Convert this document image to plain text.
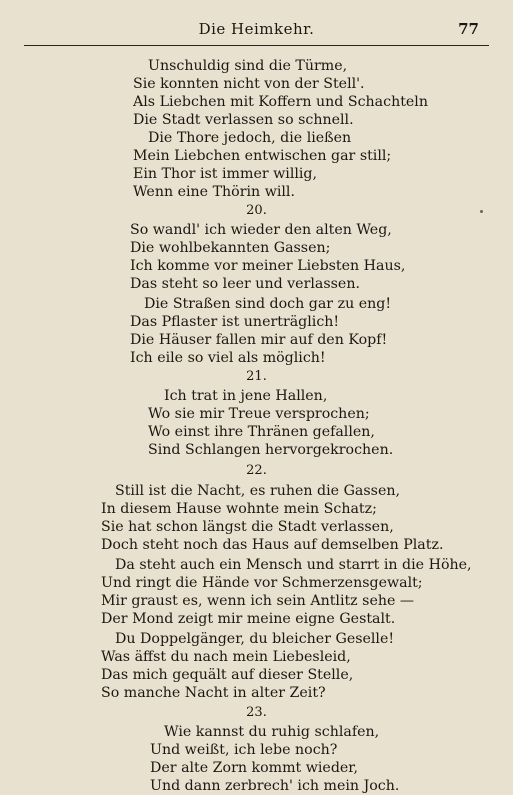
Die Heimkehr.	77
Unschuldig sind die Türme,
Sie konnten nicht von der Stell'.
Als Liebchen mit Koffern und Schachteln
Die Stadt verlassen so schnell.
Die Thore jedoch, die ließen
Mein Liebchen entwischen gar still;
Ein Thor ist immer willig,
Wenn eine Thörin will.
20.
So wandl' ich wieder den alten Weg,
Die wohlbekannten Gassen;
Ich komme vor meiner Liebsten Haus,
Das steht so leer und verlassen.
Die Straßen sind doch gar zu eng!
Das Pflaster ist unerträglich!
Die Häuser fallen mir auf den Kopf!
Ich eile so viel als möglich!
21.
Ich trat in jene Hallen,
Wo sie mir Treue versprochen;
Wo einst ihre Thränen gefallen,
Sind Schlangen hervorgekrochen.
22.
Still ist die Nacht, es ruhen die Gassen,
In diesem Hause wohnte mein Schatz;
Sie hat schon längst die Stadt verlassen,
Doch steht noch das Haus auf demselben Platz.
Da steht auch ein Mensch und starrt in die Höhe,
Und ringt die Hände vor Schmerzensgewalt;
Mir graust es, wenn ich sein Antlitz sehe —
Der Mond zeigt mir meine eigne Gestalt.
Du Doppelgänger, du bleicher Geselle!
Was äffst du nach mein Liebesleid,
Das mich gequält auf dieser Stelle,
So manche Nacht in alter Zeit?
23.
Wie kannst du ruhig schlafen,
Und weißt, ich lebe noch?
Der alte Zorn kommt wieder,
Und dann zerbrech' ich mein Joch.
